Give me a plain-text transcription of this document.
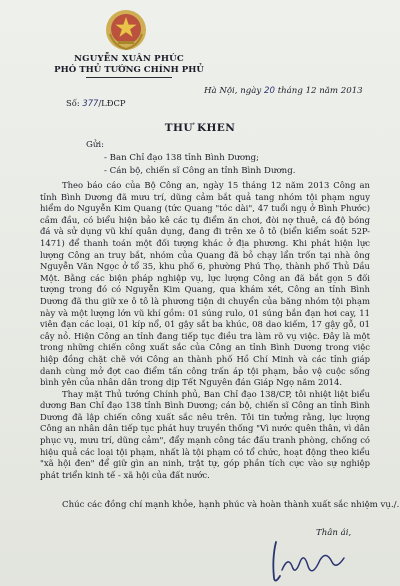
NGUYỄN XUÂN PHÚC
PHÓ THỦ TƯỚNG CHÍNH PHỦ
Số: 377/LĐCP
Hà Nội, ngày 20 tháng 12 năm 2013
THƯ KHEN
Gửi:
- Ban Chỉ đạo 138 tỉnh Bình Dương;
- Cán bộ, chiến sĩ Công an tỉnh Bình Dương.

Theo báo cáo của Bộ Công an, ngày 15 tháng 12 năm 2013 Công an tỉnh Bình Dương đã mưu trí, dũng cảm bắt quả tang nhóm tội phạm nguy hiểm do Nguyễn Kim Quang (tức Quang "tóc dài", 47 tuổi ngụ ở Bình Phước) cầm đầu, có biểu hiện bảo kê các tụ điểm ăn chơi, đòi nợ thuê, cá độ bóng đá và sử dụng vũ khí quân dụng, đang đi trên xe ô tô (biển kiểm soát 52P-1471) để thanh toán một đối tượng khác ở địa phương. Khi phát hiện lực lượng Công an truy bắt, nhóm của Quang đã bỏ chạy lẩn trốn tại nhà ông Nguyễn Văn Ngọc ở tổ 35, khu phố 6, phường Phú Thọ, thành phố Thủ Dầu Một. Bằng các biện pháp nghiệp vụ, lực lượng Công an đã bắt gọn 5 đối tượng trong đó có Nguyễn Kim Quang, qua khám xét, Công an tỉnh Bình Dương đã thu giữ xe ô tô là phương tiện di chuyển của băng nhóm tội phạm này và một lượng lớn vũ khí gồm: 01 súng rulo, 01 súng bắn đạn hơi cay, 11 viên đạn các loại, 01 kíp nổ, 01 gậy sắt ba khúc, 08 dao kiếm, 17 gậy gỗ, 01 cây nỏ. Hiện Công an tỉnh đang tiếp tục điều tra làm rõ vụ việc. Đây là một trong những chiến công xuất sắc của Công an tỉnh Bình Dương trong việc hiệp đồng chặt chẽ với Công an thành phố Hồ Chí Minh và các tỉnh giáp danh cùng mở đợt cao điểm tấn công trấn áp tội phạm, bảo vệ cuộc sống bình yên của nhân dân trong dịp Tết Nguyên đán Giáp Ngọ năm 2014.

Thay mặt Thủ tướng Chính phủ, Ban Chỉ đạo 138/CP, tôi nhiệt liệt biểu dương Ban Chỉ đạo 138 tỉnh Bình Dương; cán bộ, chiến sĩ Công an tỉnh Bình Dương đã lập chiến công xuất sắc nêu trên. Tôi tin tưởng rằng, lực lượng Công an nhân dân tiếp tục phát huy truyền thống "Vì nước quên thân, vì dân phục vụ, mưu trí, dũng cảm", đẩy mạnh công tác đấu tranh phòng, chống có hiệu quả các loại tội phạm, nhất là tội phạm có tổ chức, hoạt động theo kiểu "xã hội đen" để giữ gìn an ninh, trật tự, góp phần tích cực vào sự nghiệp phát triển kinh tế - xã hội của đất nước.

Chúc các đồng chí mạnh khỏe, hạnh phúc và hoàn thành xuất sắc nhiệm vụ./.
Thân ái,
